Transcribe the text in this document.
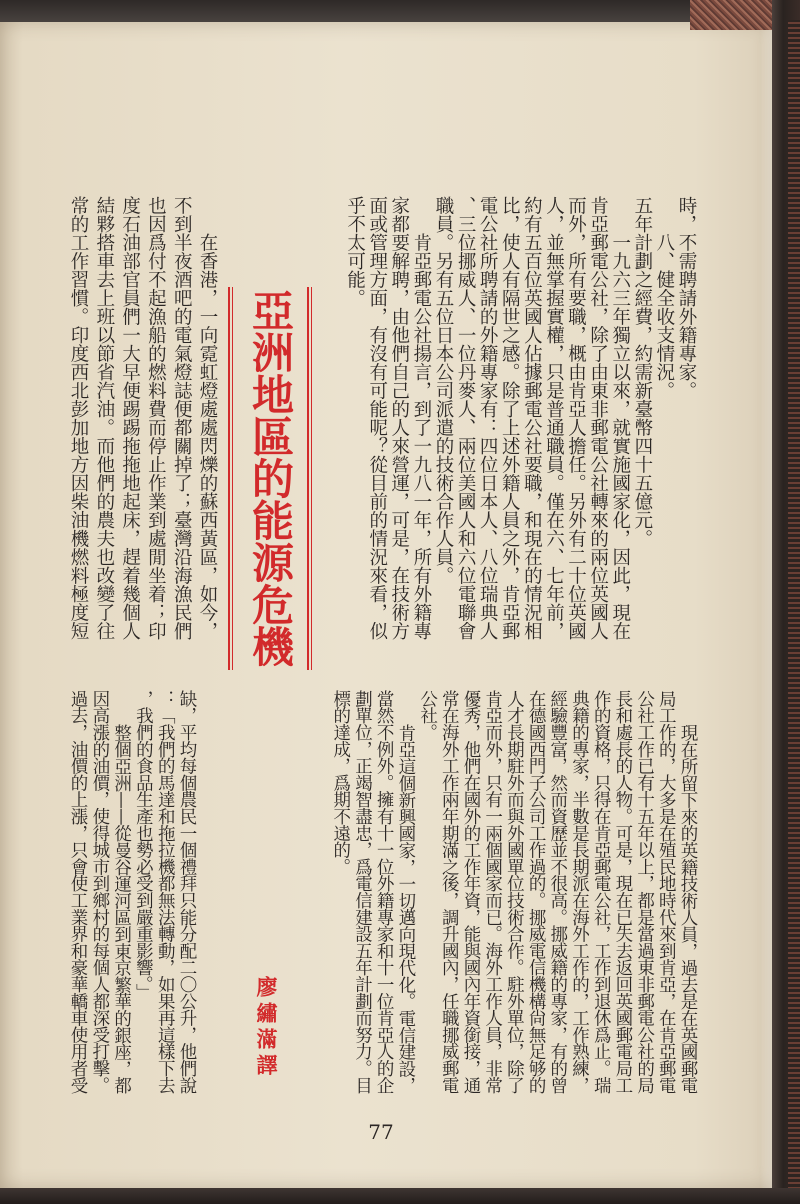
時，不需聘請外籍專家。
八、健全收支情況。
五年計劃之經費，約需新臺幣四十五億元。
一九六三年獨立以來，就實施國家化，因此，現在
肯亞郵電公社，除了由東非郵電公社轉來的兩位英國人
而外，所有要職，概由肯亞人擔任。另外有二十位英國
人，並無掌握實權，只是普通職員。僅在六、七年前，
約有五百位英國人佔據郵電公社要職，和現在的情況相
比，使人有隔世之感。除了上述外籍人員之外，肯亞郵
電公社所聘請的外籍專家有：四位日本人、八位瑞典人
、三位挪威人、一位丹麥人、兩位美國人和六位電聯會
職員。另有五位日本公司派遣的技術合作人員。
肯亞郵電公社揚言，到了一九八一年，所有外籍專
家都要解聘，由他們自己的人來營運，可是，在技術方
面或管理方面，有沒有可能呢？從目前的情況來看，似
乎不太可能。
亞洲地區的能源危機
在香港，一向霓虹燈處處閃爍的蘇西黃區，如今，
不到半夜酒吧的電氣燈誌便都關掉了；臺灣沿海漁民們
也因爲付不起漁船的燃料費而停止作業到處閒坐着；印
度石油部官員們一大早便踢踢拖拖地起床，趕着幾個人
結夥搭車去上班以節省汽油。而他們的農夫也改變了往
常的工作習慣。印度西北彭加地方因柴油機燃料極度短
現在所留下來的英籍技術人員，過去是在英國郵電
局工作的，大多是在殖民地時代來到肯亞，在肯亞郵電
公社工作已有十五年以上，都是當過東非郵電公社的局
長和處長的人物。可是，現在已失去返回英國郵電局工
作的資格，只得在肯亞郵電公社，工作到退休爲止。瑞
典籍的專家，半數是長期派在海外工作的，工作熟練，
經驗豐富，然而資歷並不很高。挪威籍的專家，有的曾
在德國西門子公司工作過的。挪威電信機構尙無足够的
人才長期駐外而與外國單位技術合作。駐外單位，除了
肯亞而外，只有一兩個國家而已。海外工作人員，非常
優秀，他們在國外的工作年資，能與國內年資銜接，通
常在海外工作兩年期滿之後，調升國內，任職挪威郵電
公社。
肯亞這個新興國家，一切邁向現代化。電信建設，
當然不例外。擁有十一位外籍專家和十一位肯亞人的企
劃單位，正竭智盡忠，爲電信建設五年計劃而努力。目
標的達成，爲期不遠的。
廖繡滿譯
缺，平均每個農民一個禮拜只能分配二〇公升，他們說
：「我們的馬達和拖拉機都無法轉動，如果再這樣下去
，我們的食品生產也勢必受到嚴重影響。」
整個亞洲——從曼谷運河區到東京繁華的銀座，都
因高漲的油價，使得城市到鄉村的每個人都深受打擊。
過去，油價的上漲，只會使工業界和豪華轎車使用者受
77
